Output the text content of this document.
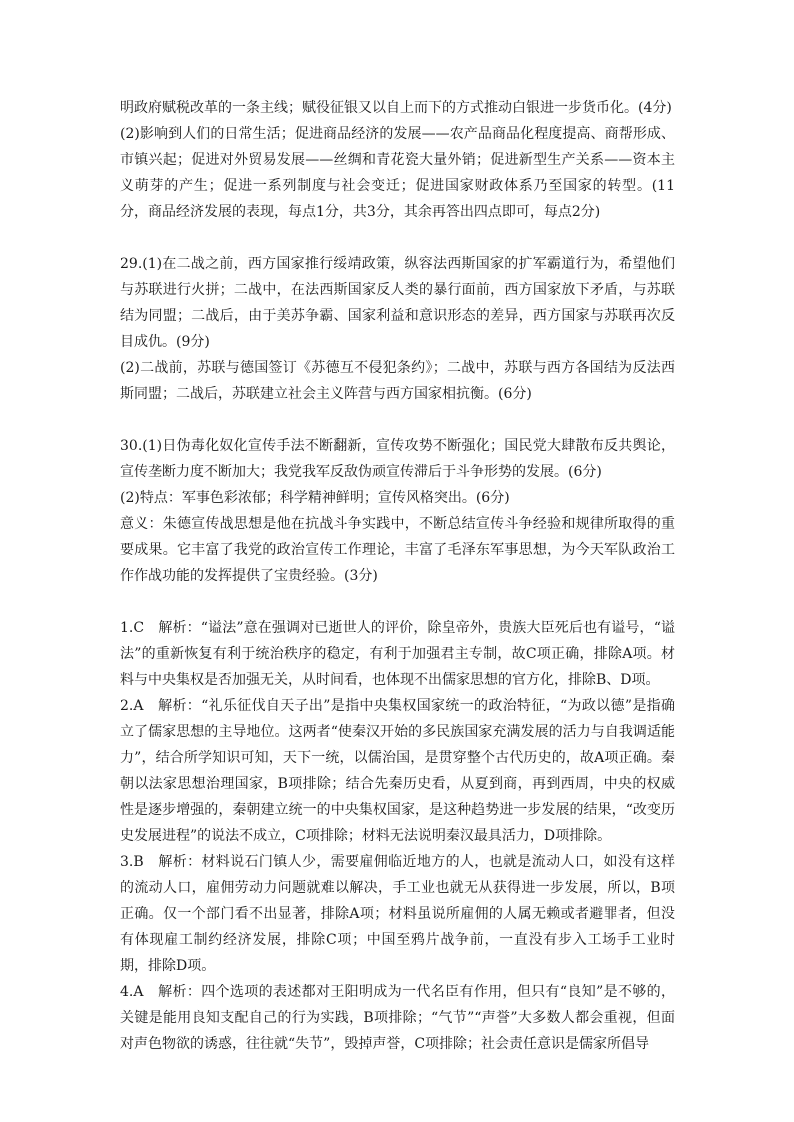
明政府赋税改革的一条主线；赋役征银又以自上而下的方式推动白银进一步货币化。(4分)

(2)影响到人们的日常生活；促进商品经济的发展——农产品商品化程度提高、商帮形成、市镇兴起；促进对外贸易发展——丝绸和青花瓷大量外销；促进新型生产关系——资本主义萌芽的产生；促进一系列制度与社会变迁；促进国家财政体系乃至国家的转型。(11分，商品经济发展的表现，每点1分，共3分，其余再答出四点即可，每点2分)

29.(1)在二战之前，西方国家推行绥靖政策，纵容法西斯国家的扩军霸道行为，希望他们与苏联进行火拼；二战中，在法西斯国家反人类的暴行面前，西方国家放下矛盾，与苏联结为同盟；二战后，由于美苏争霸、国家利益和意识形态的差异，西方国家与苏联再次反目成仇。(9分)

(2)二战前，苏联与德国签订《苏德互不侵犯条约》；二战中，苏联与西方各国结为反法西斯同盟；二战后，苏联建立社会主义阵营与西方国家相抗衡。(6分)

30.(1)日伪毒化奴化宣传手法不断翻新，宣传攻势不断强化；国民党大肆散布反共舆论，宣传垄断力度不断加大；我党我军反敌伪顽宣传滞后于斗争形势的发展。(6分)

(2)特点：军事色彩浓郁；科学精神鲜明；宣传风格突出。(6分)

意义：朱德宣传战思想是他在抗战斗争实践中，不断总结宣传斗争经验和规律所取得的重要成果。它丰富了我党的政治宣传工作理论，丰富了毛泽东军事思想，为今天军队政治工作作战功能的发挥提供了宝贵经验。(3分)

1.C　解析：“谥法”意在强调对已逝世人的评价，除皇帝外，贵族大臣死后也有谥号，“谥法”的重新恢复有利于统治秩序的稳定，有利于加强君主专制，故C项正确，排除A项。材料与中央集权是否加强无关，从时间看，也体现不出儒家思想的官方化，排除B、D项。

2.A　解析：“礼乐征伐自天子出”是指中央集权国家统一的政治特征，“为政以德”是指确立了儒家思想的主导地位。这两者“使秦汉开始的多民族国家充满发展的活力与自我调适能力”，结合所学知识可知，天下一统，以儒治国，是贯穿整个古代历史的，故A项正确。秦朝以法家思想治理国家，B项排除；结合先秦历史看，从夏到商，再到西周，中央的权威性是逐步增强的，秦朝建立统一的中央集权国家，是这种趋势进一步发展的结果，“改变历史发展进程”的说法不成立，C项排除；材料无法说明秦汉最具活力，D项排除。

3.B　解析：材料说石门镇人少，需要雇佣临近地方的人，也就是流动人口，如没有这样的流动人口，雇佣劳动力问题就难以解决，手工业也就无从获得进一步发展，所以，B项正确。仅一个部门看不出显著，排除A项；材料虽说所雇佣的人属无赖或者避罪者，但没有体现雇工制约经济发展，排除C项；中国至鸦片战争前，一直没有步入工场手工业时期，排除D项。

4.A　解析：四个选项的表述都对王阳明成为一代名臣有作用，但只有“良知”是不够的，关键是能用良知支配自己的行为实践，B项排除；“气节”“声誉”大多数人都会重视，但面对声色物欲的诱惑，往往就“失节”，毁掉声誉，C项排除；社会责任意识是儒家所倡导
